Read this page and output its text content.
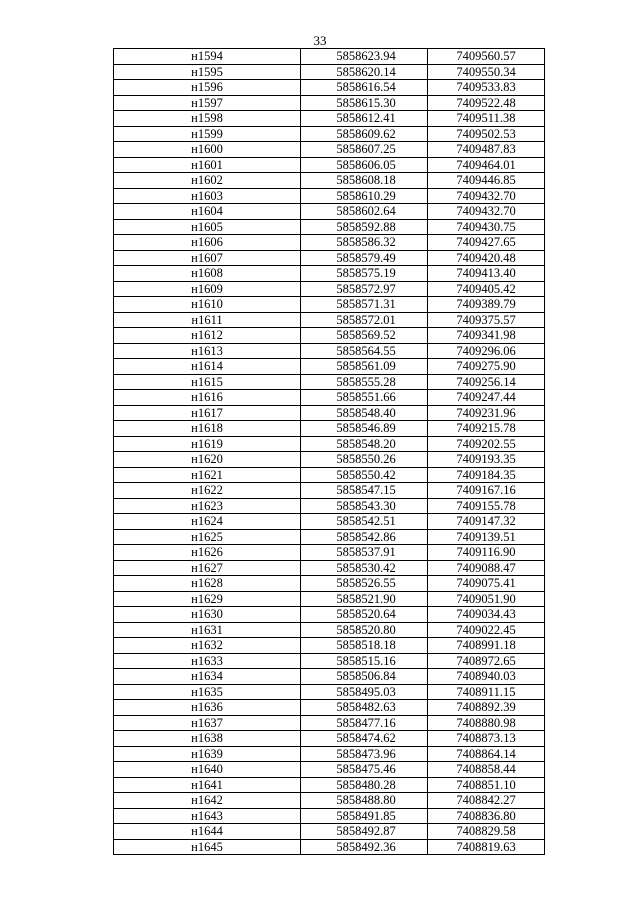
33
н1594	5858623.94	7409560.57
н1595	5858620.14	7409550.34
н1596	5858616.54	7409533.83
н1597	5858615.30	7409522.48
н1598	5858612.41	7409511.38
н1599	5858609.62	7409502.53
н1600	5858607.25	7409487.83
н1601	5858606.05	7409464.01
н1602	5858608.18	7409446.85
н1603	5858610.29	7409432.70
н1604	5858602.64	7409432.70
н1605	5858592.88	7409430.75
н1606	5858586.32	7409427.65
н1607	5858579.49	7409420.48
н1608	5858575.19	7409413.40
н1609	5858572.97	7409405.42
н1610	5858571.31	7409389.79
н1611	5858572.01	7409375.57
н1612	5858569.52	7409341.98
н1613	5858564.55	7409296.06
н1614	5858561.09	7409275.90
н1615	5858555.28	7409256.14
н1616	5858551.66	7409247.44
н1617	5858548.40	7409231.96
н1618	5858546.89	7409215.78
н1619	5858548.20	7409202.55
н1620	5858550.26	7409193.35
н1621	5858550.42	7409184.35
н1622	5858547.15	7409167.16
н1623	5858543.30	7409155.78
н1624	5858542.51	7409147.32
н1625	5858542.86	7409139.51
н1626	5858537.91	7409116.90
н1627	5858530.42	7409088.47
н1628	5858526.55	7409075.41
н1629	5858521.90	7409051.90
н1630	5858520.64	7409034.43
н1631	5858520.80	7409022.45
н1632	5858518.18	7408991.18
н1633	5858515.16	7408972.65
н1634	5858506.84	7408940.03
н1635	5858495.03	7408911.15
н1636	5858482.63	7408892.39
н1637	5858477.16	7408880.98
н1638	5858474.62	7408873.13
н1639	5858473.96	7408864.14
н1640	5858475.46	7408858.44
н1641	5858480.28	7408851.10
н1642	5858488.80	7408842.27
н1643	5858491.85	7408836.80
н1644	5858492.87	7408829.58
н1645	5858492.36	7408819.63
